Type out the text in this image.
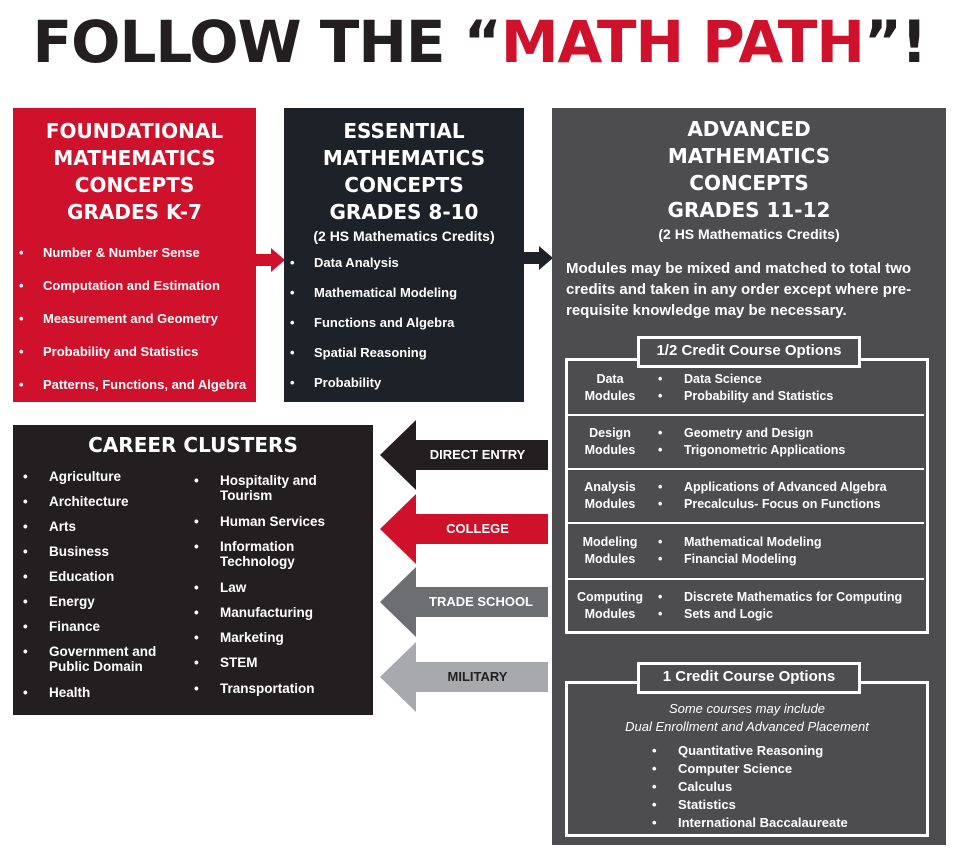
FOLLOW THE “MATH PATH”!
FOUNDATIONAL
MATHEMATICS
CONCEPTS
GRADES K-7
• Number & Number Sense
• Computation and Estimation
• Measurement and Geometry
• Probability and Statistics
• Patterns, Functions, and Algebra
ESSENTIAL
MATHEMATICS
CONCEPTS
GRADES 8-10
(2 HS Mathematics Credits)
• Data Analysis
• Mathematical Modeling
• Functions and Algebra
• Spatial Reasoning
• Probability
ADVANCED
MATHEMATICS
CONCEPTS
GRADES 11-12
(2 HS Mathematics Credits)
Modules may be mixed and matched to total two credits and taken in any order except where pre-requisite knowledge may be necessary.
Data
Modules
• Data Science
• Probability and Statistics
Design
Modules
• Geometry and Design
• Trigonometric Applications
Analysis
Modules
• Applications of Advanced Algebra
• Precalculus- Focus on Functions
Modeling
Modules
• Mathematical Modeling
• Financial Modeling
Computing
Modules
• Discrete Mathematics for Computing
• Sets and Logic
1/2 Credit Course Options
Some courses may include
Dual Enrollment and Advanced Placement
• Quantitative Reasoning
• Computer Science
• Calculus
• Statistics
• International Baccalaureate
1 Credit Course Options
CAREER CLUSTERS
• Agriculture
• Architecture
• Arts
• Business
• Education
• Energy
• Finance
• Government and Public Domain
• Health
• Hospitality and Tourism
• Human Services
• Information Technology
• Law
• Manufacturing
• Marketing
• STEM
• Transportation
DIRECT ENTRY
COLLEGE
TRADE SCHOOL
MILITARY
